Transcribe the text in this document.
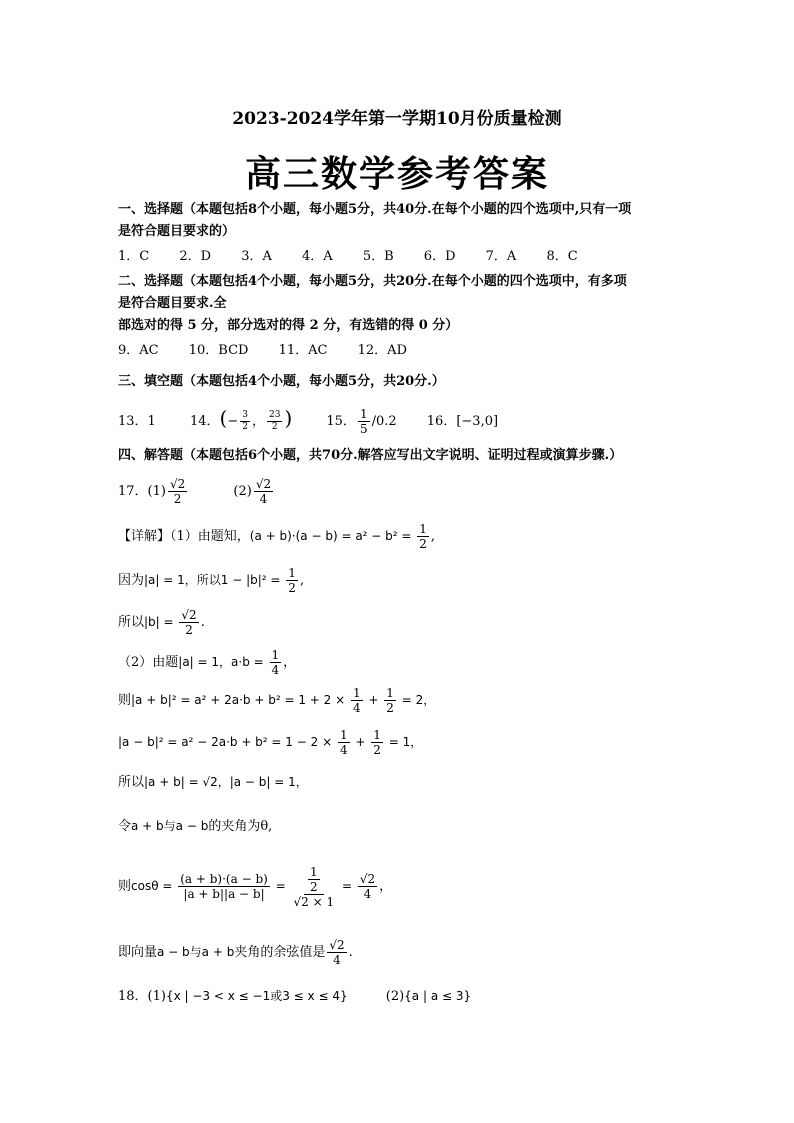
2023-2024学年第一学期10月份质量检测
高三数学参考答案
一、选择题（本题包括8个小题，每小题5分，共40分.在每个小题的四个选项中,只有一项
是符合题目要求的）
1．C 2．D 3．A 4．A 5．B 6．D 7．A 8．C
二、选择题（本题包括4个小题，每小题5分，共20分.在每个小题的四个选项中，有多项
是符合题目要求.全
部选对的得 5 分，部分选对的得 2 分，有选错的得 0 分）
9．AC 10．BCD 11．AC 12．AD
三、填空题（本题包括4个小题，每小题5分，共20分.）
13．1	14．(− $\frac{3}{2}$ ， $\frac{23}{2}$ )	15． $\frac{1}{5} /0.2$ 16．[−3,0]
四、解答题（本题包括6个小题，共70分.解答应写出文字说明、证明过程或演算步骤.）
17．$(1) \frac{√2}{2}$	$(2) \frac{√2}{4}$
【详解】（1）由题知，$(a + b)\cdot(a - b) = a^2 - b^2 = \frac{1}{2}$ ,
因为|a| = 1，所以$1 - |b|^2 = \frac{1}{2}$ ,
所以$|b| = \frac{√2}{2}$ .
（2）由题|a| = 1，$a\cdot b = \frac{1}{4}$ ，
则$|a + b|^2 = a^2 + 2a\cdot b + b^2 = 1 + 2 \times \frac{1}{4} + \frac{1}{2} = 2$，
$|a - b|^2 = a^2 - 2a\cdot b + b^2 = 1 - 2 \times \frac{1}{4} + \frac{1}{2} = 1$，
所以|a + b| = √2，|a − b| = 1，
令a + b与a − b的夹角为θ,
则$\cos\theta = \frac{(a + b)\cdot(a - b)}{|a + b||a - b|} = \frac{\frac{1}{2}}{√2 \times 1} = \frac{√2}{4}$ ，
即向量a − b与a + b夹角的余弦值是 $\frac{√2}{4}$ .
18．(1){x | −3 < x ≤ −1或3 ≤ x ≤ 4}	(2){a | a ≤ 3}
